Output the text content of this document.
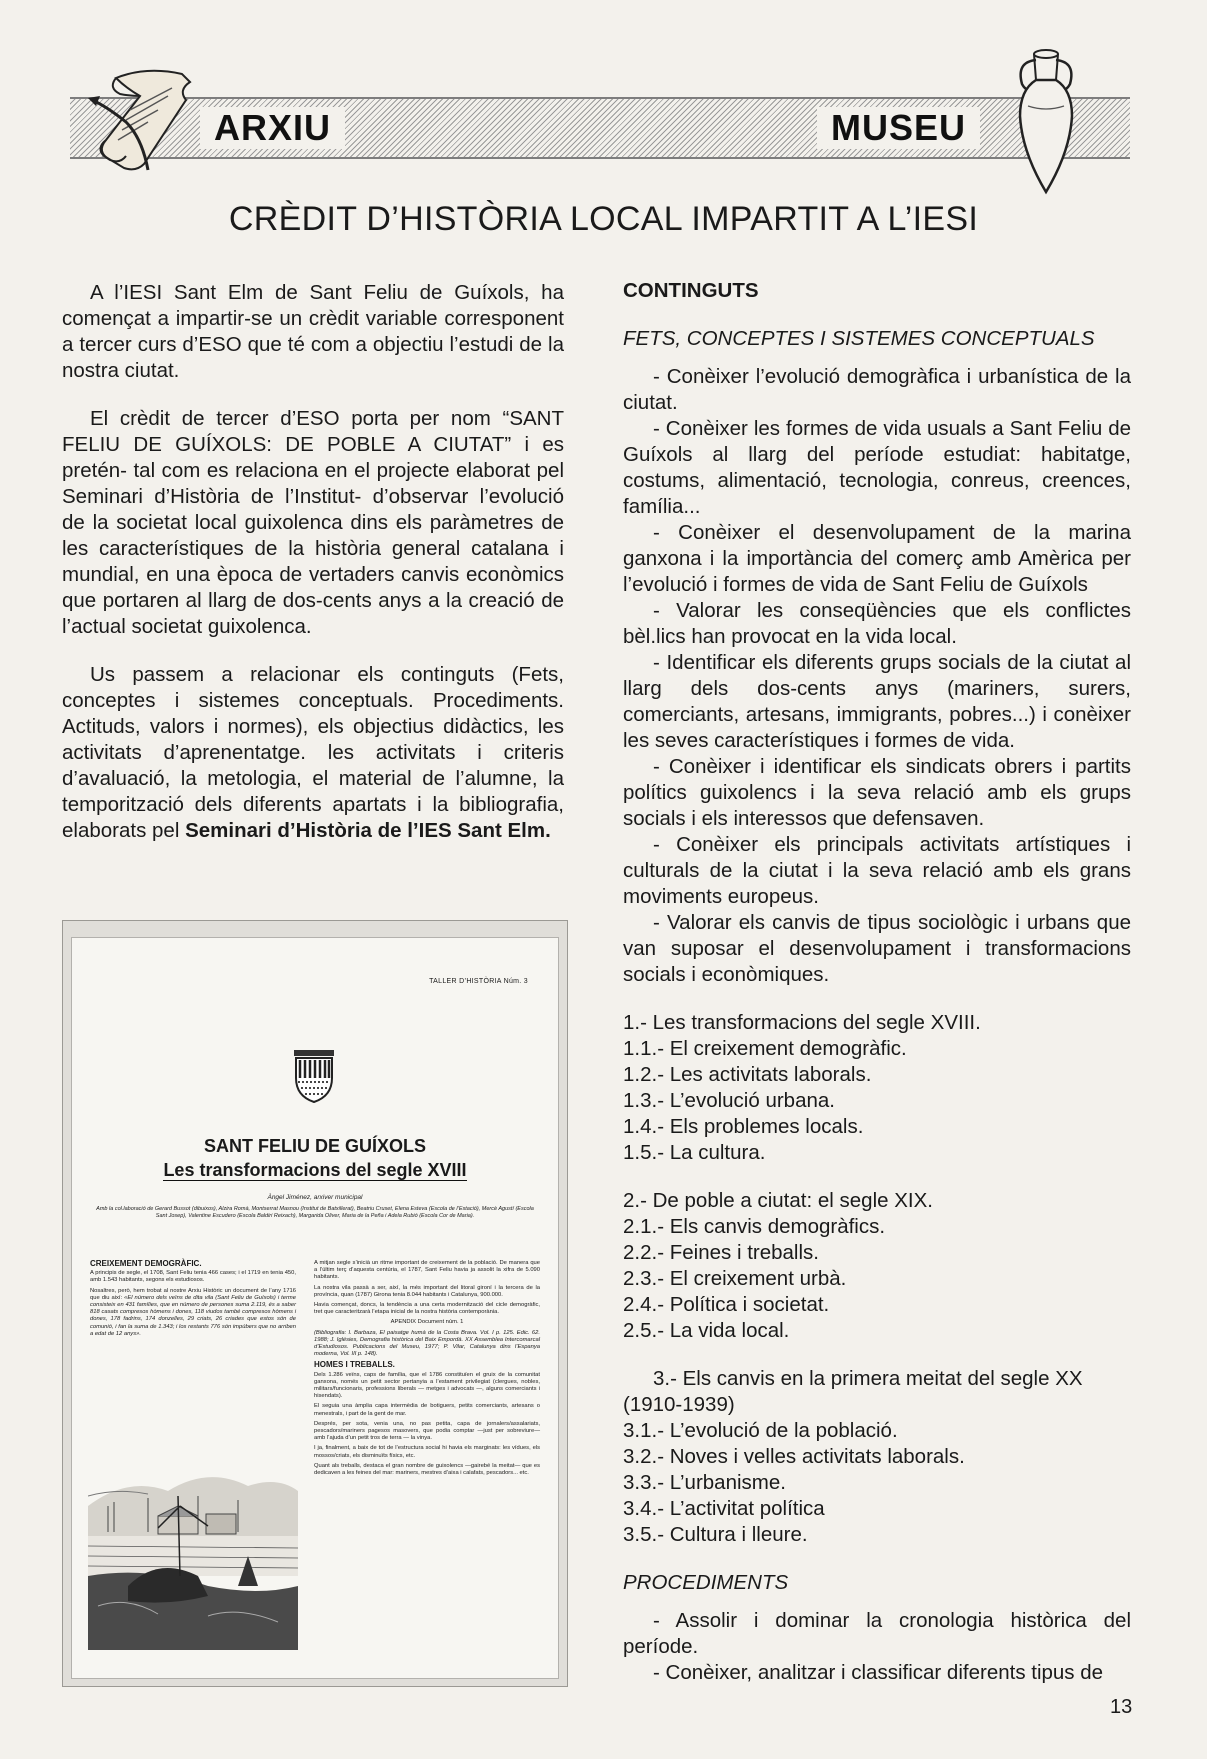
ARXIU	MUSEU
CRÈDIT D’HISTÒRIA LOCAL IMPARTIT A L’IESI

A l’IESI Sant Elm de Sant Feliu de Guíxols, ha començat a impartir-se un crèdit variable corresponent a tercer curs d’ESO que té com a objectiu l’estudi de la nostra ciutat.

El crèdit de tercer d’ESO porta per nom “SANT FELIU DE GUÍXOLS: DE POBLE A CIUTAT” i es pretén- tal com es relaciona en el projecte elaborat pel Seminari d’Història de l’Institut- d’observar l’evolució de la societat local guixolenca dins els paràmetres de les característiques de la història general catalana i mundial, en una època de vertaders canvis econòmics que portaren al llarg de dos-cents anys a la creació de l’actual societat guixolenca.

Us passem a relacionar els continguts (Fets, conceptes i sistemes conceptuals. Procediments. Actituds, valors i normes), els objectius didàctics, les activitats d’aprenentatge. les activitats i criteris d’avaluació, la metologia, el material de l’alumne, la temporització dels diferents apartats i la bibliografia, elaborats pel Seminari d’Història de l’IES Sant Elm.

TALLER D’HISTÒRIA Núm. 3
SANT FELIU DE GUÍXOLS
Les transformacions del segle XVIII
Àngel Jiménez, arxiver municipal
Amb la col.laboració de Gerard Bussot (dibuixos), Alzira Romà, Montserrat Masnou (Institut de Batxillerat), Beatriu Cruset, Elena Esteva (Escola de l’Estació), Mercè Agustí (Escola Sant Josep), Valentine Escudero (Escola Baldiri Reixach), Margarida Oliver, Maria de la Peña i Adela Rubió (Escola Cor de Maria).

CREIXEMENT DEMOGRÀFIC.

A principis de segle, el 1708, Sant Feliu tenia 466 cases; i el 1719 en tenia 450, amb 1.543 habitants, segons els estudiosos.

Nosaltres, però, hem trobat al nostre Arxiu Històric un document de l’any 1716 que diu així: «El número dels veïns de dita vila (Sant Feliu de Guíxols) i terme consisteix en 431 famílies, que en número de persones suma 2.119, és a saber 818 casats compresos hòmens i dones, 118 viudos també compresos hòmens i dones, 178 fadrins, 174 donzelles, 29 criats, 26 criades que estos són de comunió, i fan la suma de 1.343; i los restants 776 són impúbers que no arriben a edat de 12 anys».

A mitjan segle s’inicià un ritme important de creixement de la població. De manera que a l’últim terç d’aquesta centúria, el 1787, Sant Feliu havia ja assolit la xifra de 5.090 habitants.

La nostra vila passà a ser, així, la més important del litoral gironí i la tercera de la província, quan (1787) Girona tenia 8.044 habitants i Catalunya, 900.000.

Havia començat, doncs, la tendència a una certa modernització del cicle demogràfic, tret que caracteritzarà l’etapa inicial de la nostra història contemporània.

APENDIX Document núm. 1

(Bibliografia: I. Barbaza, El paisatge humà de la Costa Brava. Vol. I p. 125. Edic. 62. 1988; J. Iglésies, Demografia històrica del Baix Empordà. XX Assemblea Intercomarcal d’Estudiosos. Publicacions del Museu, 1977; P. Vilar, Catalunya dins l’Espanya moderna, Vol. III p. 148).

HOMES I TREBALLS.

Dels 1.286 veïns, caps de família, que el 1786 constituïen el gruix de la comunitat ganxona, només un petit sector pertanyia a l’estament privilegiat (clergues, nobles, militars/funcionaris, professions liberals — metges i advocats —, alguns comerciants i hisendats).

El seguia una àmplia capa intermèdia de botiguers, petits comerciants, artesans o menestrals, i part de la gent de mar.

Després, per sota, venia una, no pas petita, capa de jornalers/assalariats, pescadors/mariners pagesos masovers, que podia comptar —just per sobreviure— amb l’ajuda d’un petit tros de terra — la vinya.

I ja, finalment, a baix de tot de l’estructura social hi havia els marginats: les vídues, els mossos/criats, els disminuïts físics, etc.

Quant als treballs, destaca el gran nombre de guixolencs —gairebé la meitat— que es dedicaven a les feines del mar: mariners, mestres d’aixa i calafats, pescadors... etc.

CONTINGUTS

FETS, CONCEPTES I SISTEMES CONCEPTUALS

- Conèixer l’evolució demogràfica i urbanística de la ciutat.

- Conèixer les formes de vida usuals a Sant Feliu de Guíxols al llarg del període estudiat: habitatge, costums, alimentació, tecnologia, conreus, creences, família...

- Conèixer el desenvolupament de la marina ganxona i la importància del comerç amb Amèrica per l’evolució i formes de vida de Sant Feliu de Guíxols

- Valorar les conseqüències que els conflictes bèl.lics han provocat en la vida local.

- Identificar els diferents grups socials de la ciutat al llarg dels dos-cents anys (mariners, surers, comerciants, artesans, immigrants, pobres...) i conèixer les seves característiques i formes de vida.

- Conèixer i identificar els sindicats obrers i partits polítics guixolencs i la seva relació amb els grups socials i els interessos que defensaven.

- Conèixer els principals activitats artístiques i culturals de la ciutat i la seva relació amb els grans moviments europeus.

- Valorar els canvis de tipus sociològic i urbans que van suposar el desenvolupament i transformacions socials i econòmiques.

1.- Les transformacions del segle XVIII.

1.1.- El creixement demogràfic.

1.2.- Les activitats laborals.

1.3.- L’evolució urbana.

1.4.- Els problemes locals.

1.5.- La cultura.

2.- De poble a ciutat: el segle XIX.

2.1.- Els canvis demogràfics.

2.2.- Feines i treballs.

2.3.- El creixement urbà.

2.4.- Política i societat.

2.5.- La vida local.

3.- Els canvis en la primera meitat del segle XX (1910-1939)

3.1.- L’evolució de la població.

3.2.- Noves i velles activitats laborals.

3.3.- L’urbanisme.

3.4.- L’activitat política

3.5.- Cultura i lleure.

PROCEDIMENTS

- Assolir i dominar la cronologia històrica del període.

- Conèixer, analitzar i classificar diferents tipus de

13
